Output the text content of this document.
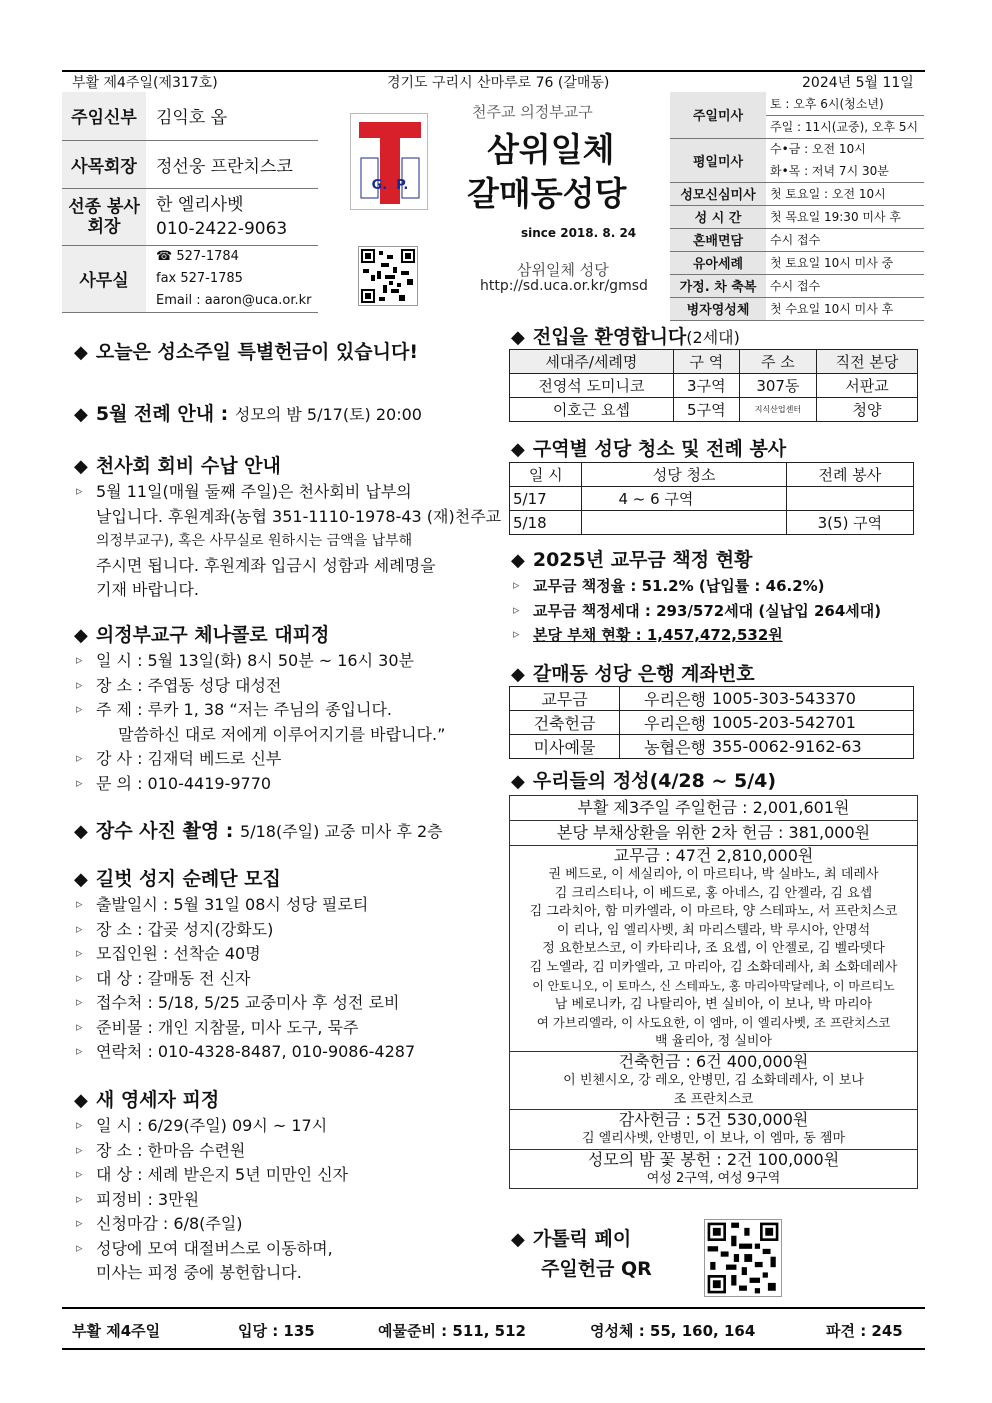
부활 제4주일(제317호)	경기도 구리시 산마루로 76 (갈매동)	2024년 5월 11일
주임신부	김익호 옵
사목회장	정선웅 프란치스코
선종 봉사회장	한 엘리사벳
010-2422-9063

사무실	☎ 527-1784
fax 527-1785
Email : aaron@uca.or.kr
G.  P.
천주교 의정부교구
삼위일체
갈매동성당
since 2018. 8. 24
삼위일체 성당
http://sd.uca.or.kr/gmsd
주일미사	토 : 오후 6시(청소년)
	주일 : 11시(교중), 오후 5시
평일미사	수•금 : 오전 10시
	화•목 : 저녁 7시 30분
성모신심미사	첫 토요일 : 오전 10시
성 시 간	첫 목요일 19:30 미사 후
혼배면담	수시 접수
유아세례	첫 토요일 10시 미사 중
가정. 차 축복	수시 접수
병자영성체	첫 수요일 10시 미사 후
◆ 오늘은 성소주일 특별헌금이 있습니다!
◆ 5월 전례 안내 : 성모의 밤 5/17(토) 20:00
◆ 천사회 회비 수납 안내
▹ 5월 11일(매월 둘째 주일)은 천사회비 납부의
날입니다. 후원계좌(농협 351-1110-1978-43 (재)천주교
의정부교구), 혹은 사무실로 원하시는 금액을 납부해
주시면 됩니다. 후원계좌 입금시 성함과 세례명을
기재 바랍니다.
◆ 의정부교구 체나콜로 대피정
▹ 일 시 : 5월 13일(화) 8시 50분 ~ 16시 30분
▹ 장 소 : 주엽동 성당 대성전
▹ 주 제 : 루카 1, 38 “저는 주님의 종입니다.
말씀하신 대로 저에게 이루어지기를 바랍니다.”
▹ 강 사 : 김재덕 베드로 신부
▹ 문 의 : 010-4419-9770
◆ 장수 사진 촬영 : 5/18(주일) 교중 미사 후 2층
◆ 길벗 성지 순례단 모집
▹ 출발일시 : 5월 31일 08시 성당 필로티
▹ 장 소 : 갑곶 성지(강화도)
▹ 모집인원 : 선착순 40명
▹ 대 상 : 갈매동 전 신자
▹ 접수처 : 5/18, 5/25 교중미사 후 성전 로비
▹ 준비물 : 개인 지참물, 미사 도구, 묵주
▹ 연락처 : 010-4328-8487, 010-9086-4287
◆ 새 영세자 피정
▹ 일 시 : 6/29(주일) 09시 ~ 17시
▹ 장 소 : 한마음 수련원
▹ 대 상 : 세례 받은지 5년 미만인 신자
▹ 피정비 : 3만원
▹ 신청마감 : 6/8(주일)
▹ 성당에 모여 대절버스로 이동하며,
미사는 피정 중에 봉헌합니다.
◆ 전입을 환영합니다(2세대)
세대주/세례명	구 역	주 소	직전 본당
전영석 도미니코	3구역	307동	서판교
이호근 요셉	5구역	지식산업센터	청양
◆ 구역별 성당 청소 및 전례 봉사
일 시	성당 청소	전례 봉사
5/17	4 ~ 6 구역	
5/18		3(5) 구역
◆ 2025년 교무금 책정 현황
▹ 교무금 책정율 : 51.2% (납입률 : 46.2%)
▹ 교무금 책정세대 : 293/572세대 (실납입 264세대)
▹ 본당 부채 현황 : 1,457,472,532원
◆ 갈매동 성당 은행 계좌번호
교무금	우리은행	1005-303-543370
건축헌금	우리은행	1005-203-542701
미사예물	농협은행	355-0062-9162-63
◆ 우리들의 정성(4/28 ~ 5/4)
부활 제3주일 주일헌금 : 2,001,601원
본당 부채상환을 위한 2차 헌금 : 381,000원
교무금 : 47건 2,810,000원
권 베드로, 이 세실리아, 이 마르티나, 박 실바노, 최 데레사
김 크리스티나, 이 베드로, 홍 아네스, 김 안젤라, 김 요셉
김 그라치아, 함 미카엘라, 이 마르타, 양 스테파노, 서 프란치스코
이 리나, 임 엘리사벳, 최 마리스텔라, 박 루시아, 안명석
정 요한보스코, 이 카타리나, 조 요셉, 이 안젤로, 김 벨라뎃다
김 노엘라, 김 미카엘라, 고 마리아, 김 소화데레사, 최 소화데레사
이 안토니오, 이 토마스, 신 스테파노, 홍 마리아막달레나, 이 마르티노
남 베로니카, 김 나탈리아, 변 실비아, 이 보나, 박 마리아
여 가브리엘라, 이 사도요한, 이 엠마, 이 엘리사벳, 조 프란치스코
백 율리아, 정 실비아
건축헌금 : 6건 400,000원
이 빈첸시오, 강 레오, 안병민, 김 소화데레사, 이 보나
조 프란치스코
감사헌금 : 5건 530,000원
김 엘리사벳, 안병민, 이 보나, 이 엠마, 동 젬마
성모의 밤 꽃 봉헌 : 2건 100,000원
여성 2구역, 여성 9구역
◆ 가톨릭 페이
주일헌금 QR
부활 제4주일	입당 : 135	예물준비 : 511, 512	영성체 : 55, 160, 164	파견 : 245
